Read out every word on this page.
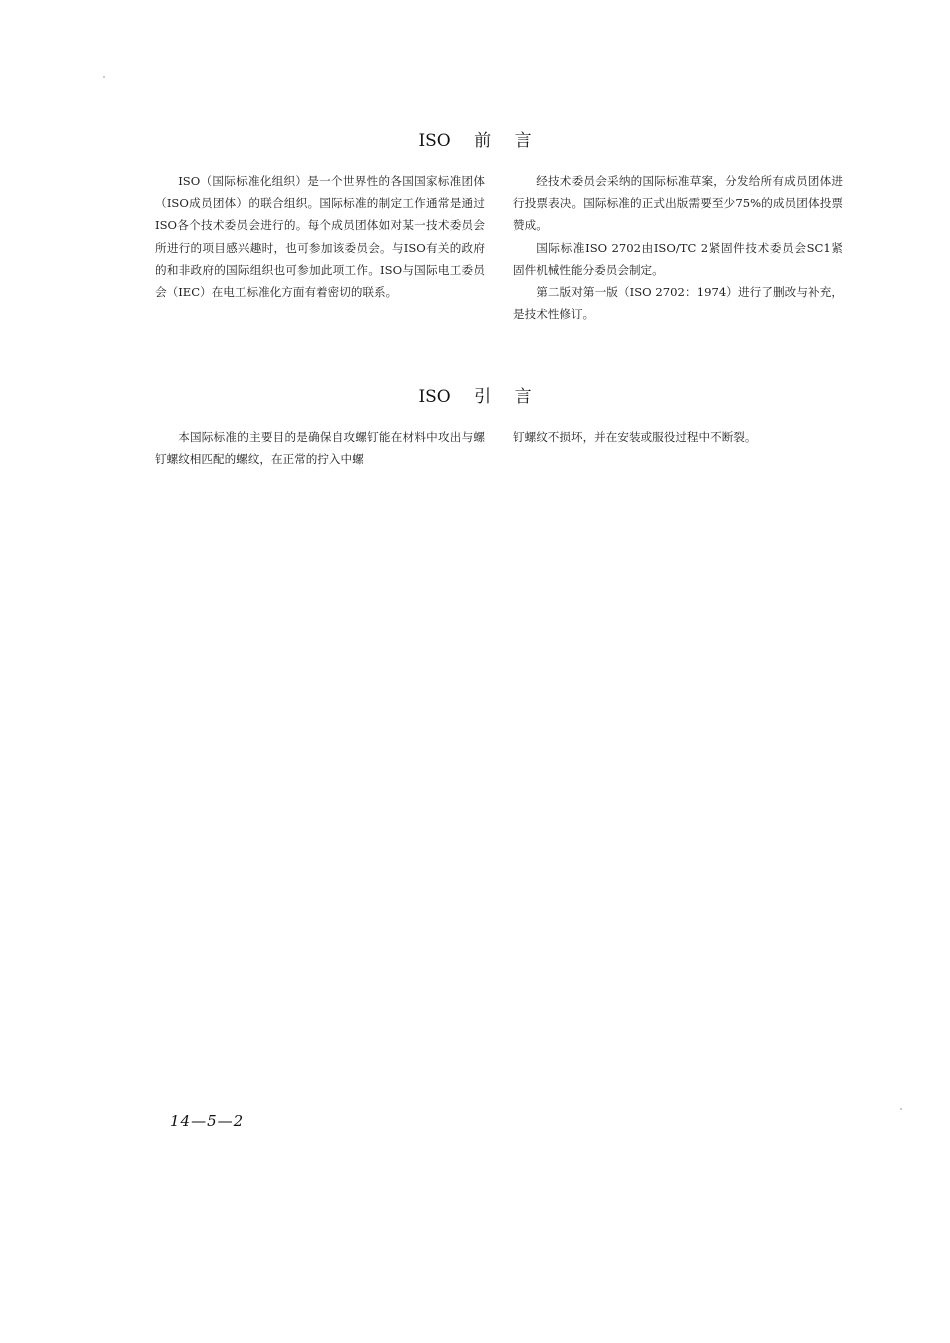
ISO 前 言

ISO（国际标准化组织）是一个世界性的各国国家标准团体（ISO成员团体）的联合组织。国际标准的制定工作通常是通过ISO各个技术委员会进行的。每个成员团体如对某一技术委员会所进行的项目感兴趣时，也可参加该委员会。与ISO有关的政府的和非政府的国际组织也可参加此项工作。ISO与国际电工委员会（IEC）在电工标准化方面有着密切的联系。

经技术委员会采纳的国际标准草案，分发给所有成员团体进行投票表决。国际标准的正式出版需要至少75%的成员团体投票赞成。

国际标准ISO 2702由ISO/TC 2紧固件技术委员会SC1紧固件机械性能分委员会制定。

第二版对第一版（ISO 2702：1974）进行了删改与补充，是技术性修订。

ISO 引 言

本国际标准的主要目的是确保自攻螺钉能在材料中攻出与螺钉螺纹相匹配的螺纹，在正常的拧入中螺

钉螺纹不损坏，并在安装或服役过程中不断裂。

14—5—2
